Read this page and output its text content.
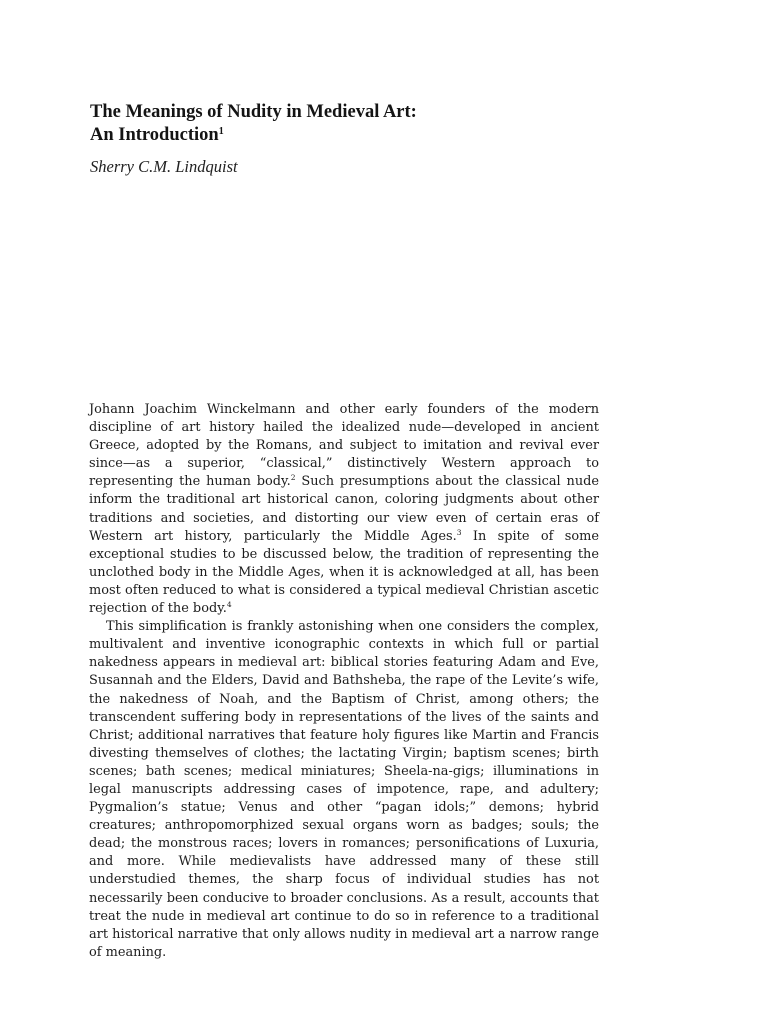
The Meanings of Nudity in Medieval Art:
An Introduction$^1$

Sherry C.M. Lindquist

Johann Joachim Winckelmann and other early founders of the modern discipline of art history hailed the idealized nude—developed in ancient Greece, adopted by the Romans, and subject to imitation and revival ever since—as a superior, “classical,” distinctively Western approach to representing the human body.$^2$ Such presumptions about the classical nude inform the traditional art historical canon, coloring judgments about other traditions and societies, and distorting our view even of certain eras of Western art history, particularly the Middle Ages.$^3$ In spite of some exceptional studies to be discussed below, the tradition of representing the unclothed body in the Middle Ages, when it is acknowledged at all, has been most often reduced to what is considered a typical medieval Christian ascetic rejection of the body.$^4$

This simplification is frankly astonishing when one considers the complex, multivalent and inventive iconographic contexts in which full or partial nakedness appears in medieval art: biblical stories featuring Adam and Eve, Susannah and the Elders, David and Bathsheba, the rape of the Levite’s wife, the nakedness of Noah, and the Baptism of Christ, among others; the transcendent suffering body in representations of the lives of the saints and Christ; additional narratives that feature holy figures like Martin and Francis divesting themselves of clothes; the lactating Virgin; baptism scenes; birth scenes; bath scenes; medical miniatures; Sheela-na-gigs; illuminations in legal manuscripts addressing cases of impotence, rape, and adultery; Pygmalion’s statue; Venus and other “pagan idols;” demons; hybrid creatures; anthropomorphized sexual organs worn as badges; souls; the dead; the monstrous races; lovers in romances; personifications of Luxuria, and more. While medievalists have addressed many of these still understudied themes, the sharp focus of individual studies has not necessarily been conducive to broader conclusions. As a result, accounts that treat the nude in medieval art continue to do so in reference to a traditional art historical narrative that only allows nudity in medieval art a narrow range of meaning.
